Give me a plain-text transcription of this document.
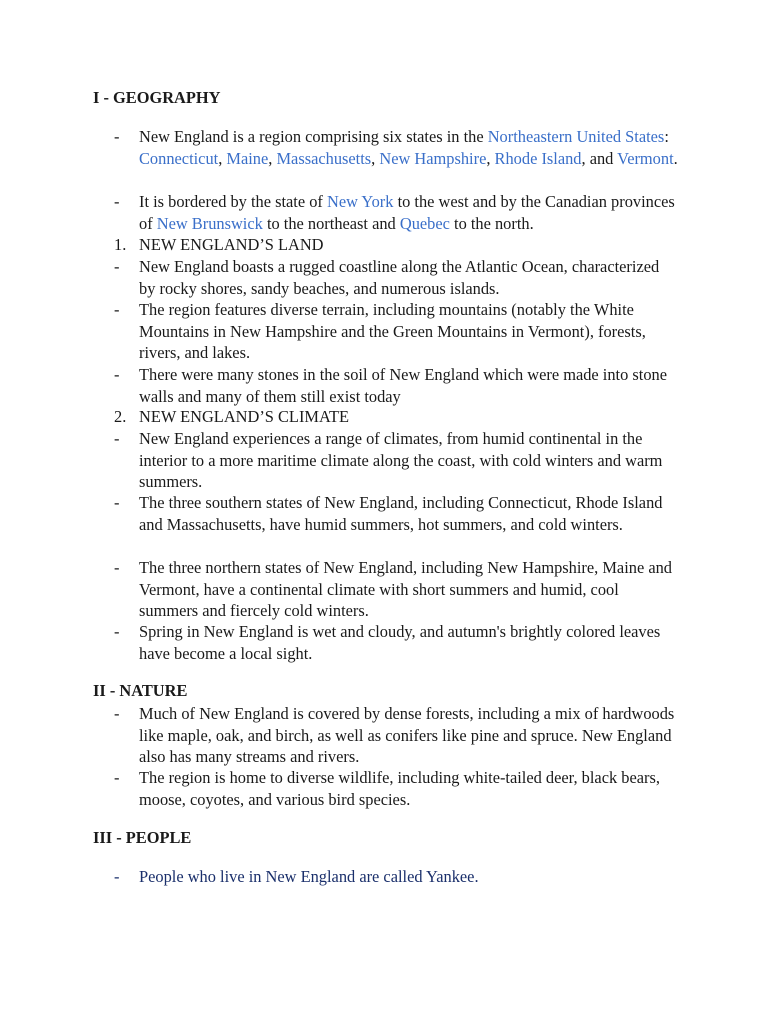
I - GEOGRAPHY
-	New England is a region comprising six states in the Northeastern United States: Connecticut, Maine, Massachusetts, New Hampshire, Rhode Island, and Vermont.
-	It is bordered by the state of New York to the west and by the Canadian provinces of New Brunswick to the northeast and Quebec to the north.
1. NEW ENGLAND’S LAND
-	New England boasts a rugged coastline along the Atlantic Ocean, characterized by rocky shores, sandy beaches, and numerous islands.
-	The region features diverse terrain, including mountains (notably the White Mountains in New Hampshire and the Green Mountains in Vermont), forests, rivers, and lakes.
-	There were many stones in the soil of New England which were made into stone walls and many of them still exist today
2. NEW ENGLAND’S CLIMATE
-	New England experiences a range of climates, from humid continental in the interior to a more maritime climate along the coast, with cold winters and warm summers.
-	The three southern states of New England, including Connecticut, Rhode Island and Massachusetts, have humid summers, hot summers, and cold winters.
-	The three northern states of New England, including New Hampshire, Maine and Vermont, have a continental climate with short summers and humid, cool summers and fiercely cold winters.
-	Spring in New England is wet and cloudy, and autumn's brightly colored leaves have become a local sight.
II - NATURE
-	Much of New England is covered by dense forests, including a mix of hardwoods like maple, oak, and birch, as well as conifers like pine and spruce. New England also has many streams and rivers.
-	The region is home to diverse wildlife, including white-tailed deer, black bears, moose, coyotes, and various bird species.
III - PEOPLE
-	People who live in New England are called Yankee.
